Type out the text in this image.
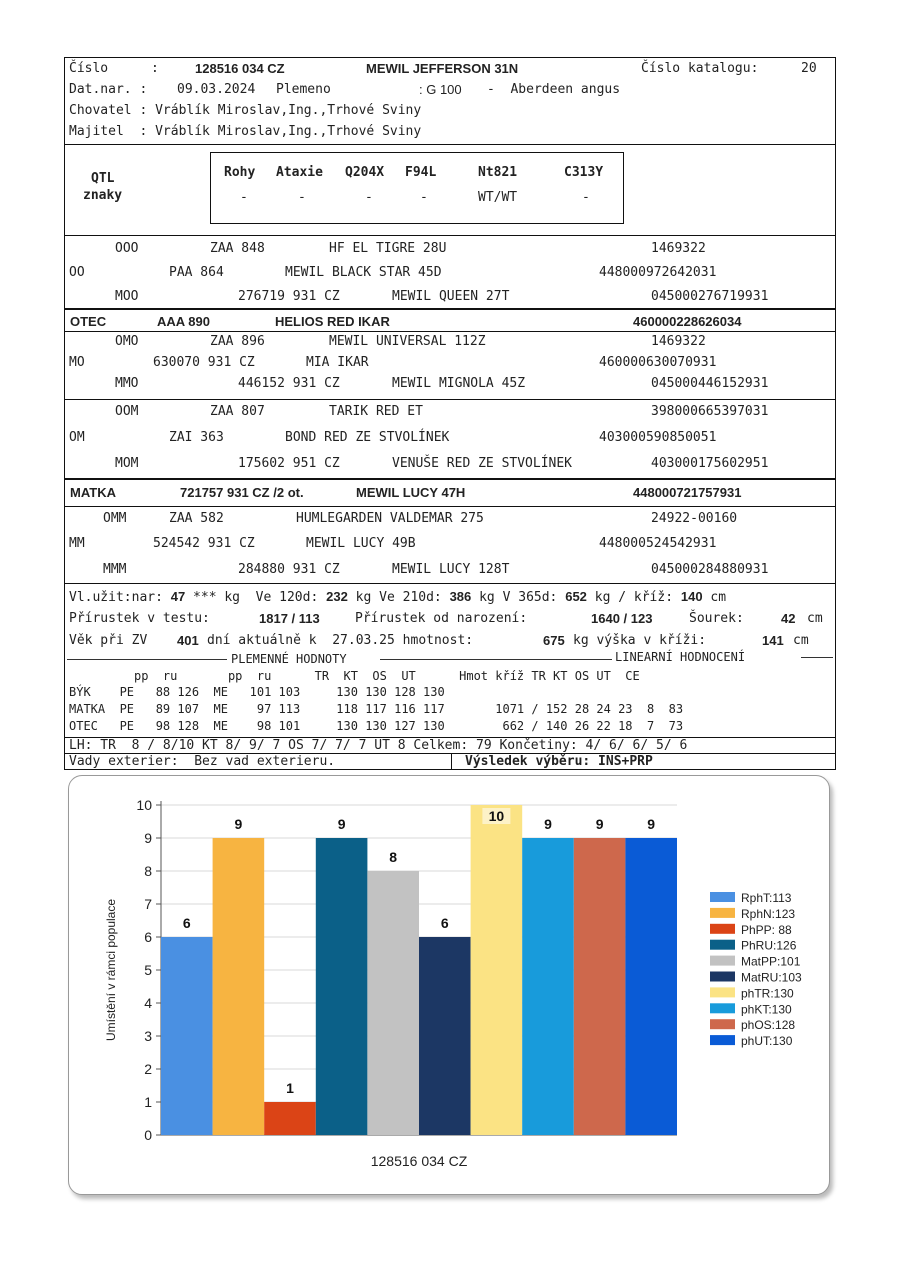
Číslo	:	128516 034 CZ	MEWIL JEFFERSON 31N	Číslo katalogu:	20
Dat.nar. : 09.03.2024 Plemeno	: G 100 -  Aberdeen angus
Chovatel : Vráblík Miroslav,Ing.,Trhové Sviny
Majitel  : Vráblík Miroslav,Ing.,Trhové Sviny
QTL
znaky
Rohy Ataxie Q204X F94L	Nt821	C313Y
-	-	-	-	WT/WT	-
OOO	ZAA 848	HF EL TIGRE 28U	1469322
OO	PAA 864	MEWIL BLACK STAR 45D	448000972642031
MOO	276719 931 CZ	MEWIL QUEEN 27T	045000276719931
OTEC	AAA 890	HELIOS RED IKAR	460000228626034
OMO	ZAA 896	MEWIL UNIVERSAL 112Z	1469322
MO	630070 931 CZ	MIA IKAR	460000630070931
MMO	446152 931 CZ	MEWIL MIGNOLA 45Z	045000446152931
OOM	ZAA 807	TARIK RED ET	398000665397031
OM	ZAI 363	BOND RED ZE STVOLÍNEK	403000590850051
MOM	175602 951 CZ	VENUŠE RED ZE STVOLÍNEK	403000175602951
MATKA	721757 931 CZ /2 ot.	MEWIL LUCY 47H	448000721757931
OMM	ZAA 582	HUMLEGARDEN VALDEMAR 275	24922-00160
MM	524542 931 CZ	MEWIL LUCY 49B	448000524542931
MMM	284880 931 CZ	MEWIL LUCY 128T	045000284880931
Vl.užit:nar: 47 *** kg Ve 120d: 232 kg Ve 210d: 386 kg V 365d: 652 kg / kříž: 140 cm
Přírustek v testu:	1817 / 113	Přírustek od narození:	1640 / 123	Šourek:	42 cm
Věk při ZV 401 dní aktuálně k  27.03.25 hmotnost:	675 kg výška v kříži:	141 cm
PLEMENNÉ HODNOTY	LINEARNÍ HODNOCENÍ
pp  ru       pp  ru      TR  KT  OS  UT      Hmot kříž TR KT OS UT  CE
BÝK    PE   88 126  ME   101 103     130 130 128 130
MATKA  PE   89 107  ME    97 113     118 117 116 117       1071 / 152 28 24 23  8  83
OTEC   PE   98 128  ME    98 101     130 130 127 130        662 / 140 26 22 18  7  73
LH: TR  8 / 8/10 KT 8/ 9/ 7 OS 7/ 7/ 7 UT 8 Celkem: 79 Končetiny: 4/ 6/ 6/ 5/ 6
Vady exterier:  Bez vad exterieru.	Výsledek výběru: INS+PRP
0
1
2
3
4
5
6
7
8
9
10
6
9
1
9
8
6
10	9	9	9
Umístění v rámci populace
128516 034 CZ
RphT:113
RphN:123
PhPP: 88
PhRU:126
MatPP:101
MatRU:103
phTR:130
phKT:130
phOS:128
phUT:130
